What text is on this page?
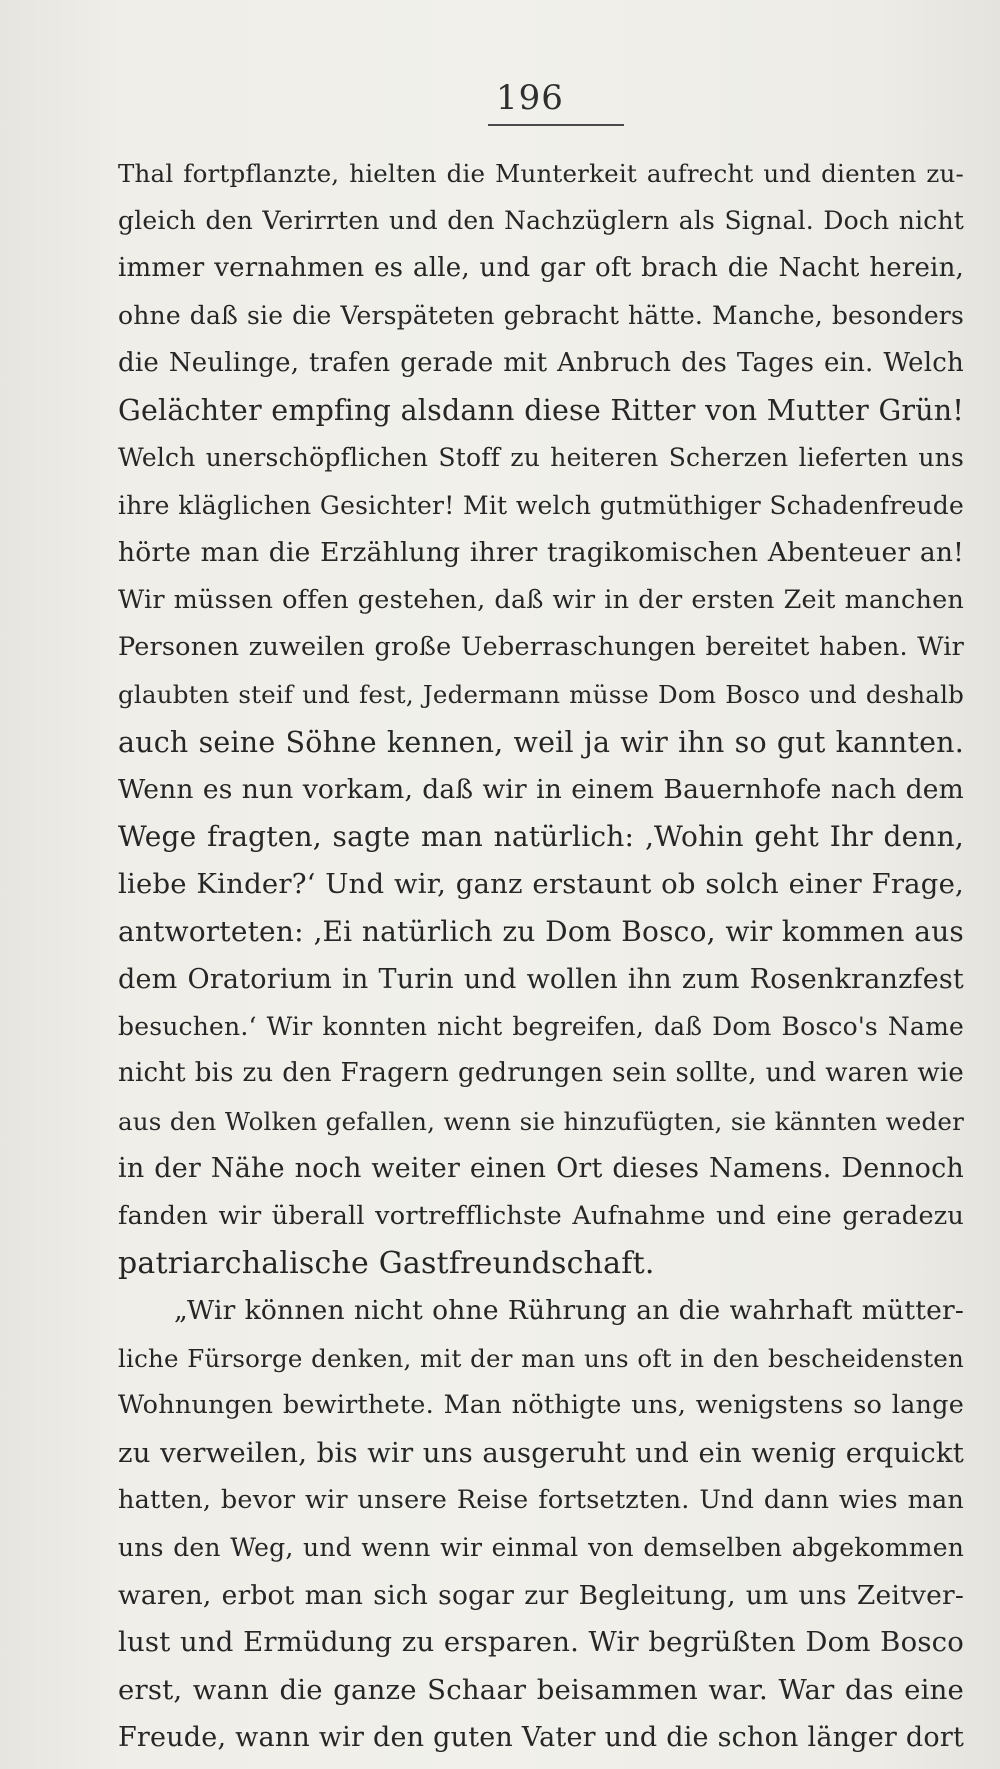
196
Thal fortpflanzte, hielten die Munterkeit aufrecht und dienten zu-
gleich den Verirrten und den Nachzüglern als Signal. Doch nicht
immer vernahmen es alle, und gar oft brach die Nacht herein,
ohne daß sie die Verspäteten gebracht hätte. Manche, besonders
die Neulinge, trafen gerade mit Anbruch des Tages ein. Welch
Gelächter empfing alsdann diese Ritter von Mutter Grün!
Welch unerschöpflichen Stoff zu heiteren Scherzen lieferten uns
ihre kläglichen Gesichter! Mit welch gutmüthiger Schadenfreude
hörte man die Erzählung ihrer tragikomischen Abenteuer an!
Wir müssen offen gestehen, daß wir in der ersten Zeit manchen
Personen zuweilen große Ueberraschungen bereitet haben. Wir
glaubten steif und fest, Jedermann müsse Dom Bosco und deshalb
auch seine Söhne kennen, weil ja wir ihn so gut kannten.
Wenn es nun vorkam, daß wir in einem Bauernhofe nach dem
Wege fragten, sagte man natürlich: ‚Wohin geht Ihr denn,
liebe Kinder?‘ Und wir, ganz erstaunt ob solch einer Frage,
antworteten: ‚Ei natürlich zu Dom Bosco, wir kommen aus
dem Oratorium in Turin und wollen ihn zum Rosenkranzfest
besuchen.‘ Wir konnten nicht begreifen, daß Dom Bosco's Name
nicht bis zu den Fragern gedrungen sein sollte, und waren wie
aus den Wolken gefallen, wenn sie hinzufügten, sie kännten weder
in der Nähe noch weiter einen Ort dieses Namens. Dennoch
fanden wir überall vortrefflichste Aufnahme und eine geradezu
patriarchalische Gastfreundschaft.
„Wir können nicht ohne Rührung an die wahrhaft mütter-
liche Fürsorge denken, mit der man uns oft in den bescheidensten
Wohnungen bewirthete. Man nöthigte uns, wenigstens so lange
zu verweilen, bis wir uns ausgeruht und ein wenig erquickt
hatten, bevor wir unsere Reise fortsetzten. Und dann wies man
uns den Weg, und wenn wir einmal von demselben abgekommen
waren, erbot man sich sogar zur Begleitung, um uns Zeitver-
lust und Ermüdung zu ersparen. Wir begrüßten Dom Bosco
erst, wann die ganze Schaar beisammen war. War das eine
Freude, wann wir den guten Vater und die schon länger dort
